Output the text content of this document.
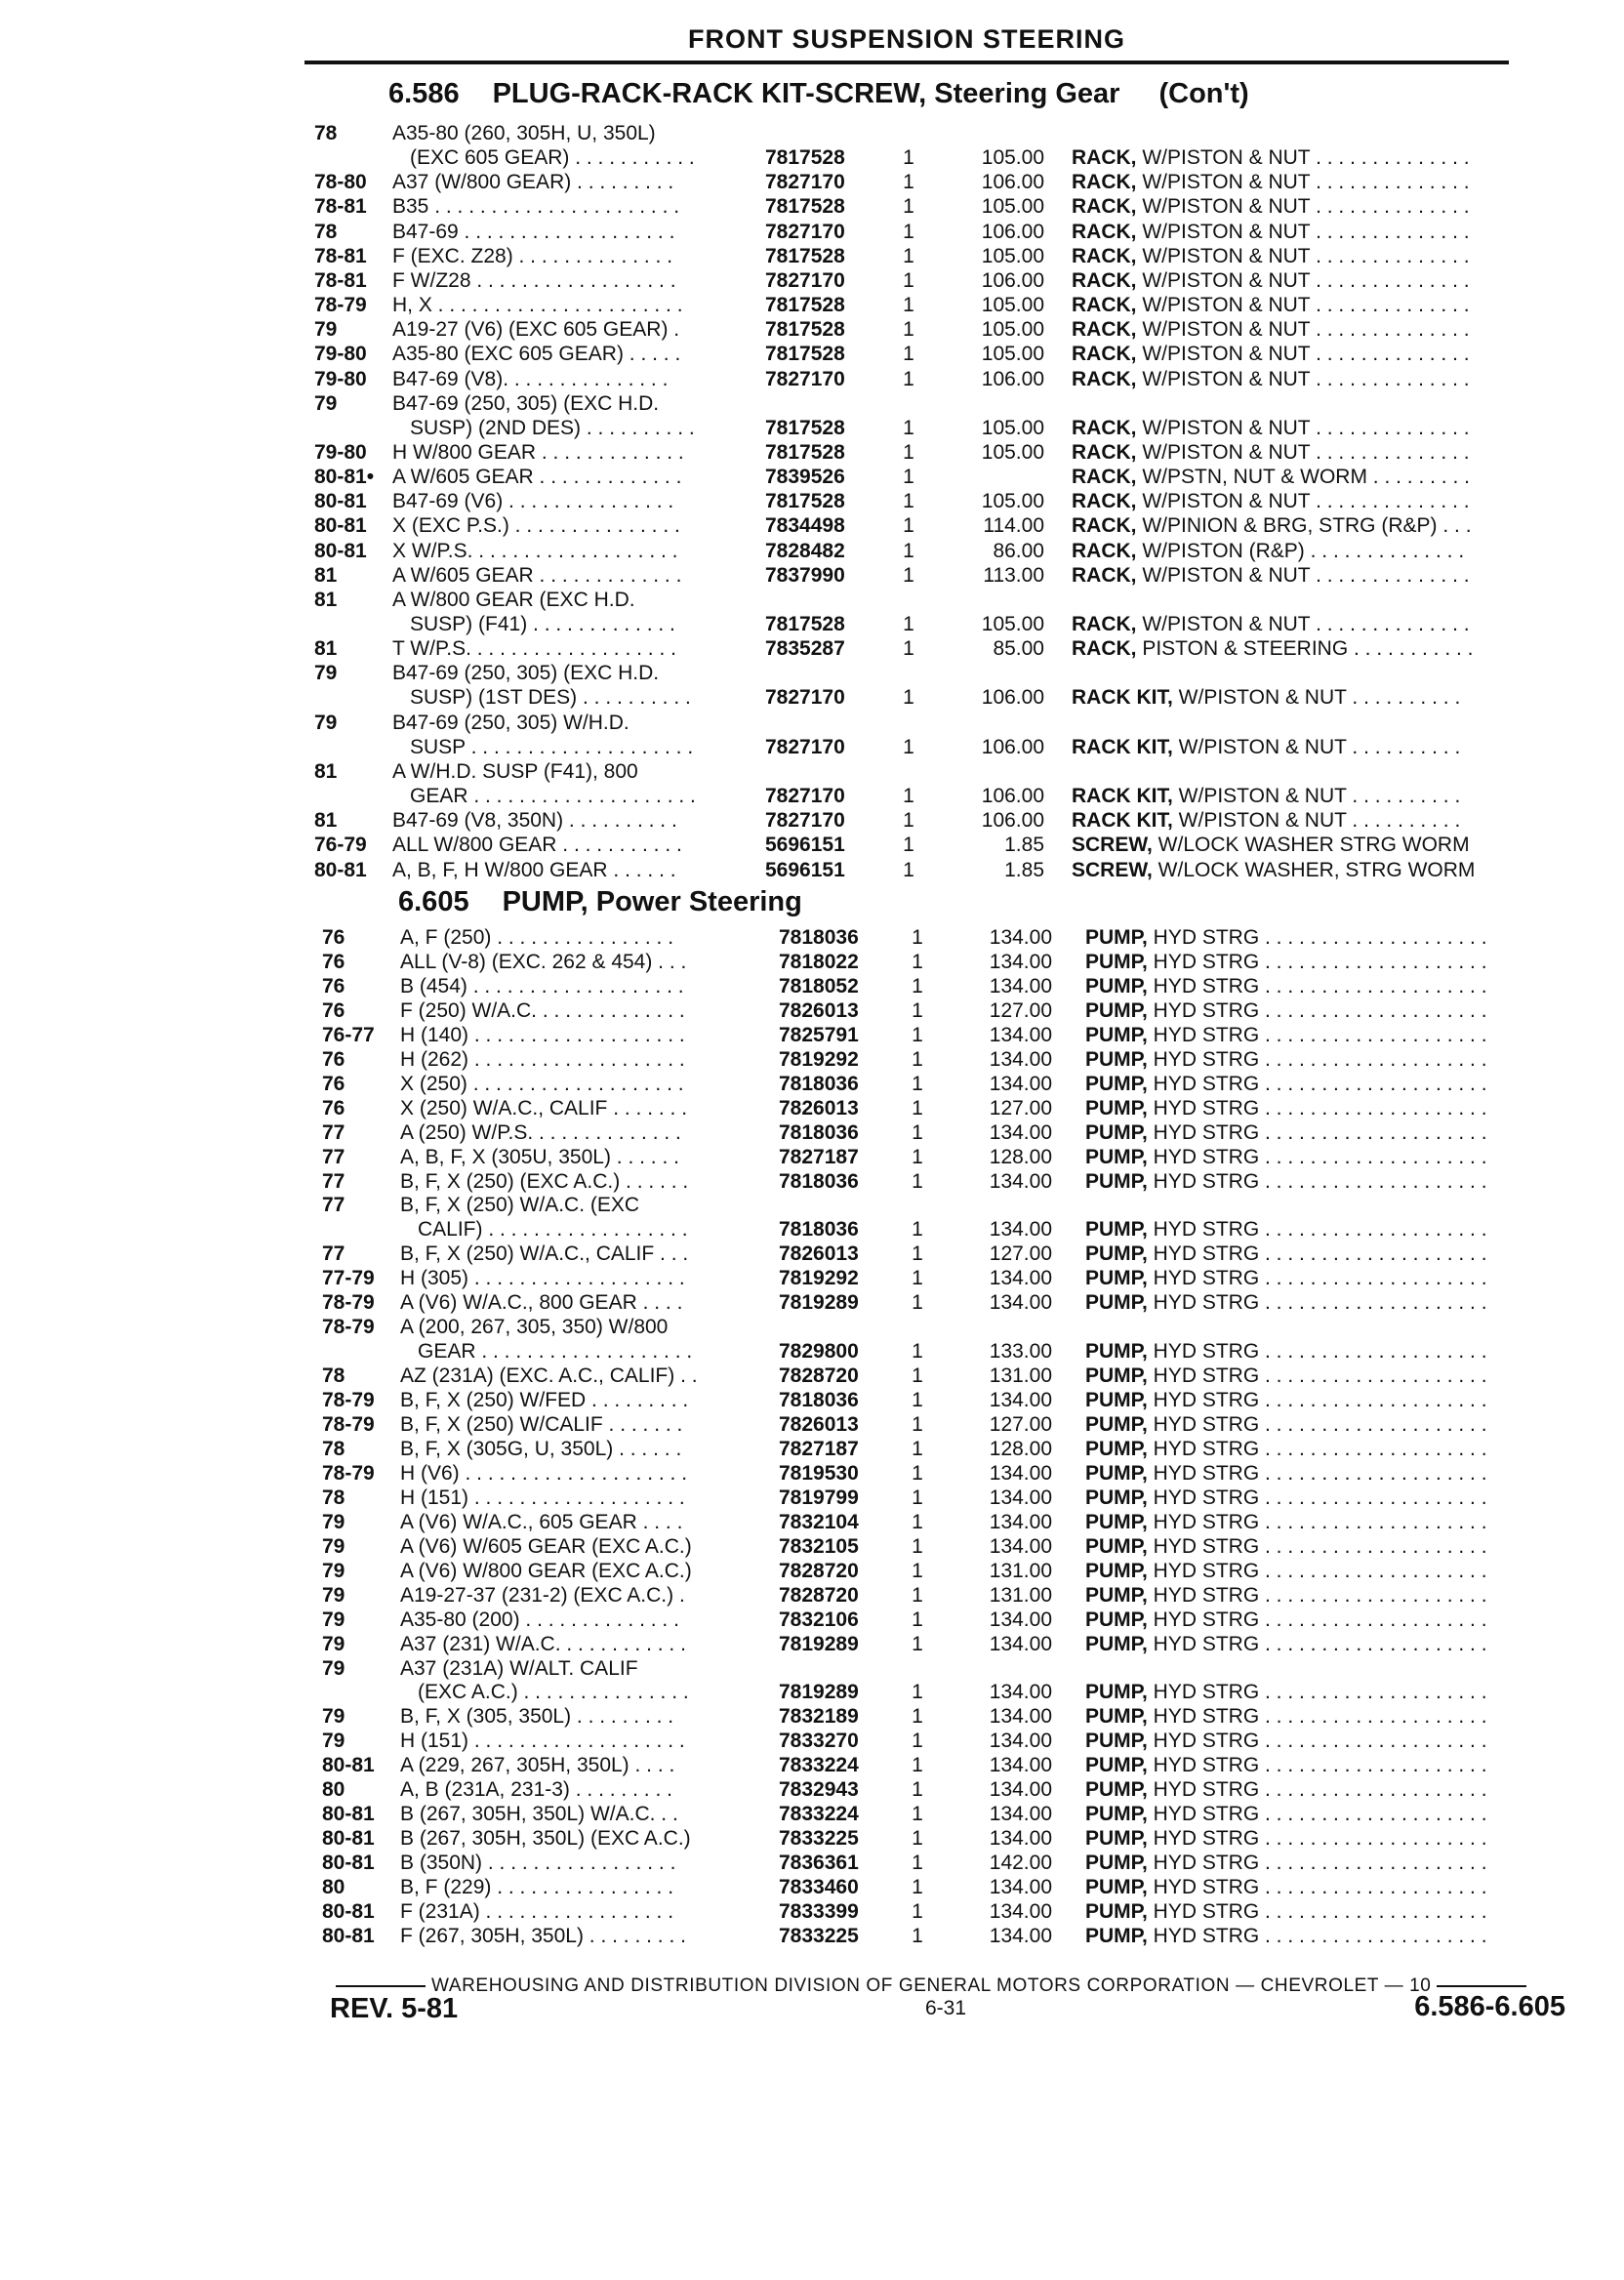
FRONT SUSPENSION STEERING
6.586 PLUG-RACK-RACK KIT-SCREW, Steering Gear (Con't)
78	A35-80 (260, 305H, U, 350L)
(EXC 605 GEAR) . . . . . . . . . . .	7817528	1	105.00 RACK, W/PISTON & NUT . . . . . . . . . . . . . .
78-80 A37 (W/800 GEAR) . . . . . . . . .	7827170	1	106.00 RACK, W/PISTON & NUT . . . . . . . . . . . . . .
78-81 B35 . . . . . . . . . . . . . . . . . . . . . .	7817528	1	105.00 RACK, W/PISTON & NUT . . . . . . . . . . . . . .
78	B47-69 . . . . . . . . . . . . . . . . . . .	7827170	1	106.00 RACK, W/PISTON & NUT . . . . . . . . . . . . . .
78-81 F (EXC. Z28) . . . . . . . . . . . . . .	7817528	1	105.00 RACK, W/PISTON & NUT . . . . . . . . . . . . . .
78-81 F W/Z28 . . . . . . . . . . . . . . . . . .	7827170	1	106.00 RACK, W/PISTON & NUT . . . . . . . . . . . . . .
78-79 H, X . . . . . . . . . . . . . . . . . . . . . .	7817528	1	105.00 RACK, W/PISTON & NUT . . . . . . . . . . . . . .
79	A19-27 (V6) (EXC 605 GEAR) .	7817528	1	105.00 RACK, W/PISTON & NUT . . . . . . . . . . . . . .
79-80 A35-80 (EXC 605 GEAR) . . . . .	7817528	1	105.00 RACK, W/PISTON & NUT . . . . . . . . . . . . . .
79-80 B47-69 (V8). . . . . . . . . . . . . . .	7827170	1	106.00 RACK, W/PISTON & NUT . . . . . . . . . . . . . .
79	B47-69 (250, 305) (EXC H.D.
SUSP) (2ND DES) . . . . . . . . . .	7817528	1	105.00 RACK, W/PISTON & NUT . . . . . . . . . . . . . .
79-80 H W/800 GEAR . . . . . . . . . . . . .	7817528	1	105.00 RACK, W/PISTON & NUT . . . . . . . . . . . . . .
80-81• A W/605 GEAR . . . . . . . . . . . . .	7839526	1	RACK, W/PSTN, NUT & WORM . . . . . . . . .
80-81 B47-69 (V6) . . . . . . . . . . . . . . .	7817528	1	105.00 RACK, W/PISTON & NUT . . . . . . . . . . . . . .
80-81 X (EXC P.S.) . . . . . . . . . . . . . . .	7834498	1	114.00 RACK, W/PINION & BRG, STRG (R&P) . . .
80-81 X W/P.S. . . . . . . . . . . . . . . . . . .	7828482	1	86.00 RACK, W/PISTON (R&P) . . . . . . . . . . . . . .
81	A W/605 GEAR . . . . . . . . . . . . .	7837990	1	113.00 RACK, W/PISTON & NUT . . . . . . . . . . . . . .
81	A W/800 GEAR (EXC H.D.
SUSP) (F41) . . . . . . . . . . . . .	7817528	1	105.00 RACK, W/PISTON & NUT . . . . . . . . . . . . . .
81	T W/P.S. . . . . . . . . . . . . . . . . . .	7835287	1	85.00 RACK, PISTON & STEERING . . . . . . . . . . .
79	B47-69 (250, 305) (EXC H.D.
SUSP) (1ST DES) . . . . . . . . . .	7827170	1	106.00 RACK KIT, W/PISTON & NUT . . . . . . . . . .
79	B47-69 (250, 305) W/H.D.
SUSP . . . . . . . . . . . . . . . . . . . .	7827170	1	106.00 RACK KIT, W/PISTON & NUT . . . . . . . . . .
81	A W/H.D. SUSP (F41), 800
GEAR . . . . . . . . . . . . . . . . . . . .	7827170	1	106.00 RACK KIT, W/PISTON & NUT . . . . . . . . . .
81	B47-69 (V8, 350N) . . . . . . . . . .	7827170	1	106.00 RACK KIT, W/PISTON & NUT . . . . . . . . . .
76-79 ALL W/800 GEAR . . . . . . . . . . .	5696151	1	1.85 SCREW, W/LOCK WASHER STRG WORM
80-81 A, B, F, H W/800 GEAR . . . . . .	5696151	1	1.85 SCREW, W/LOCK WASHER, STRG WORM
6.605 PUMP, Power Steering
76	A, F (250) . . . . . . . . . . . . . . . .	7818036	1	134.00 PUMP, HYD STRG . . . . . . . . . . . . . . . . . . . .
76	ALL (V-8) (EXC. 262 & 454) . . .	7818022	1	134.00 PUMP, HYD STRG . . . . . . . . . . . . . . . . . . . .
76	B (454) . . . . . . . . . . . . . . . . . . .	7818052	1	134.00 PUMP, HYD STRG . . . . . . . . . . . . . . . . . . . .
76	F (250) W/A.C. . . . . . . . . . . . . .	7826013	1	127.00 PUMP, HYD STRG . . . . . . . . . . . . . . . . . . . .
76-77 H (140) . . . . . . . . . . . . . . . . . . .	7825791	1	134.00 PUMP, HYD STRG . . . . . . . . . . . . . . . . . . . .
76	H (262) . . . . . . . . . . . . . . . . . . .	7819292	1	134.00 PUMP, HYD STRG . . . . . . . . . . . . . . . . . . . .
76	X (250) . . . . . . . . . . . . . . . . . . .	7818036	1	134.00 PUMP, HYD STRG . . . . . . . . . . . . . . . . . . . .
76	X (250) W/A.C., CALIF . . . . . . .	7826013	1	127.00 PUMP, HYD STRG . . . . . . . . . . . . . . . . . . . .
77	A (250) W/P.S. . . . . . . . . . . . . .	7818036	1	134.00 PUMP, HYD STRG . . . . . . . . . . . . . . . . . . . .
77	A, B, F, X (305U, 350L) . . . . . .	7827187	1	128.00 PUMP, HYD STRG . . . . . . . . . . . . . . . . . . . .
77	B, F, X (250) (EXC A.C.) . . . . . .	7818036	1	134.00 PUMP, HYD STRG . . . . . . . . . . . . . . . . . . . .
77	B, F, X (250) W/A.C. (EXC
CALIF) . . . . . . . . . . . . . . . . . .	7818036	1	134.00 PUMP, HYD STRG . . . . . . . . . . . . . . . . . . . .
77	B, F, X (250) W/A.C., CALIF . . .	7826013	1	127.00 PUMP, HYD STRG . . . . . . . . . . . . . . . . . . . .
77-79 H (305) . . . . . . . . . . . . . . . . . . .	7819292	1	134.00 PUMP, HYD STRG . . . . . . . . . . . . . . . . . . . .
78-79 A (V6) W/A.C., 800 GEAR . . . .	7819289	1	134.00 PUMP, HYD STRG . . . . . . . . . . . . . . . . . . . .
78-79 A (200, 267, 305, 350) W/800
GEAR . . . . . . . . . . . . . . . . . . .	7829800	1	133.00 PUMP, HYD STRG . . . . . . . . . . . . . . . . . . . .
78	AZ (231A) (EXC. A.C., CALIF) . .	7828720	1	131.00 PUMP, HYD STRG . . . . . . . . . . . . . . . . . . . .
78-79 B, F, X (250) W/FED . . . . . . . . .	7818036	1	134.00 PUMP, HYD STRG . . . . . . . . . . . . . . . . . . . .
78-79 B, F, X (250) W/CALIF . . . . . . .	7826013	1	127.00 PUMP, HYD STRG . . . . . . . . . . . . . . . . . . . .
78	B, F, X (305G, U, 350L) . . . . . .	7827187	1	128.00 PUMP, HYD STRG . . . . . . . . . . . . . . . . . . . .
78-79 H (V6) . . . . . . . . . . . . . . . . . . . .	7819530	1	134.00 PUMP, HYD STRG . . . . . . . . . . . . . . . . . . . .
78	H (151) . . . . . . . . . . . . . . . . . . .	7819799	1	134.00 PUMP, HYD STRG . . . . . . . . . . . . . . . . . . . .
79	A (V6) W/A.C., 605 GEAR . . . .	7832104	1	134.00 PUMP, HYD STRG . . . . . . . . . . . . . . . . . . . .
79	A (V6) W/605 GEAR (EXC A.C.)	7832105	1	134.00 PUMP, HYD STRG . . . . . . . . . . . . . . . . . . . .
79	A (V6) W/800 GEAR (EXC A.C.)	7828720	1	131.00 PUMP, HYD STRG . . . . . . . . . . . . . . . . . . . .
79	A19-27-37 (231-2) (EXC A.C.) .	7828720	1	131.00 PUMP, HYD STRG . . . . . . . . . . . . . . . . . . . .
79	A35-80 (200) . . . . . . . . . . . . . .	7832106	1	134.00 PUMP, HYD STRG . . . . . . . . . . . . . . . . . . . .
79	A37 (231) W/A.C. . . . . . . . . . . .	7819289	1	134.00 PUMP, HYD STRG . . . . . . . . . . . . . . . . . . . .
79	A37 (231A) W/ALT. CALIF
(EXC A.C.) . . . . . . . . . . . . . . .	7819289	1	134.00 PUMP, HYD STRG . . . . . . . . . . . . . . . . . . . .
79	B, F, X (305, 350L) . . . . . . . . .	7832189	1	134.00 PUMP, HYD STRG . . . . . . . . . . . . . . . . . . . .
79	H (151) . . . . . . . . . . . . . . . . . . .	7833270	1	134.00 PUMP, HYD STRG . . . . . . . . . . . . . . . . . . . .
80-81 A (229, 267, 305H, 350L) . . . .	7833224	1	134.00 PUMP, HYD STRG . . . . . . . . . . . . . . . . . . . .
80	A, B (231A, 231-3) . . . . . . . . .	7832943	1	134.00 PUMP, HYD STRG . . . . . . . . . . . . . . . . . . . .
80-81 B (267, 305H, 350L) W/A.C. . .	7833224	1	134.00 PUMP, HYD STRG . . . . . . . . . . . . . . . . . . . .
80-81 B (267, 305H, 350L) (EXC A.C.)	7833225	1	134.00 PUMP, HYD STRG . . . . . . . . . . . . . . . . . . . .
80-81 B (350N) . . . . . . . . . . . . . . . . .	7836361	1	142.00 PUMP, HYD STRG . . . . . . . . . . . . . . . . . . . .
80	B, F (229) . . . . . . . . . . . . . . . .	7833460	1	134.00 PUMP, HYD STRG . . . . . . . . . . . . . . . . . . . .
80-81 F (231A) . . . . . . . . . . . . . . . . .	7833399	1	134.00 PUMP, HYD STRG . . . . . . . . . . . . . . . . . . . .
80-81 F (267, 305H, 350L) . . . . . . . . .	7833225	1	134.00 PUMP, HYD STRG . . . . . . . . . . . . . . . . . . . .
WAREHOUSING AND DISTRIBUTION DIVISION OF GENERAL MOTORS CORPORATION — CHEVROLET — 10
REV. 5-81	6-31	6.586-6.605
